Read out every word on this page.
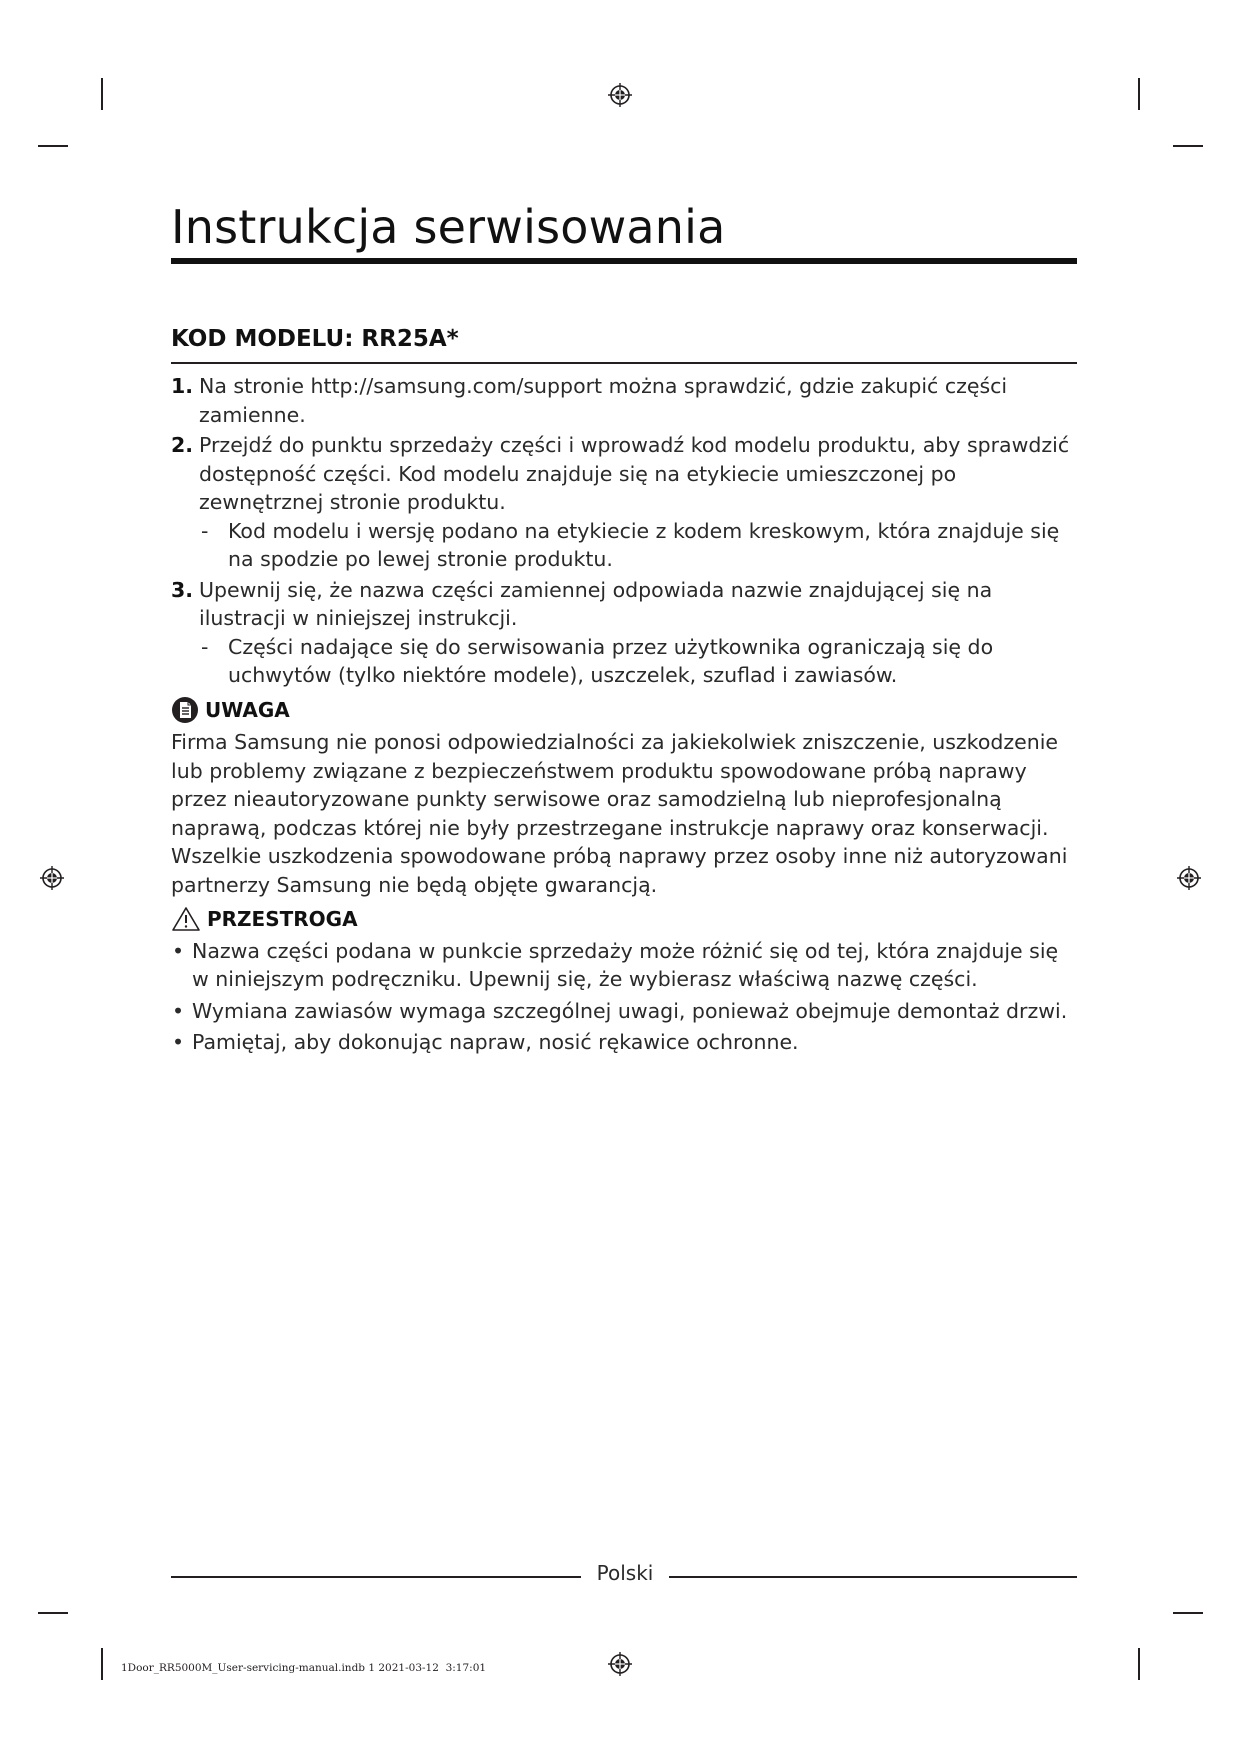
Instrukcja serwisowania
KOD MODELU: RR25A*
1. Na stronie http://samsung.com/support można sprawdzić, gdzie zakupić części zamienne.

2. Przejdź do punktu sprzedaży części i wprowadź kod modelu produktu, aby sprawdzić dostępność części. Kod modelu znajduje się na etykiecie umieszczonej po zewnętrznej stronie produktu.

- Kod modelu i wersję podano na etykiecie z kodem kreskowym, która znajduje się na spodzie po lewej stronie produktu.

3. Upewnij się, że nazwa części zamiennej odpowiada nazwie znajdującej się na ilustracji w niniejszej instrukcji.

- Części nadające się do serwisowania przez użytkownika ograniczają się do uchwytów (tylko niektóre modele), uszczelek, szuflad i zawiasów.

UWAGA

Firma Samsung nie ponosi odpowiedzialności za jakiekolwiek zniszczenie, uszkodzenie lub problemy związane z bezpieczeństwem produktu spowodowane próbą naprawy przez nieautoryzowane punkty serwisowe oraz samodzielną lub nieprofesjonalną naprawą, podczas której nie były przestrzegane instrukcje naprawy oraz konserwacji. Wszelkie uszkodzenia spowodowane próbą naprawy przez osoby inne niż autoryzowani partnerzy Samsung nie będą objęte gwarancją.

PRZESTROGA
• Nazwa części podana w punkcie sprzedaży może różnić się od tej, która znajduje się w niniejszym podręczniku. Upewnij się, że wybierasz właściwą nazwę części.

• Wymiana zawiasów wymaga szczególnej uwagi, ponieważ obejmuje demontaż drzwi.

• Pamiętaj, aby dokonując napraw, nosić rękawice ochronne.

Polski
1Door_RR5000M_User-servicing-manual.indb 1 2021-03-12 ￼￼ 3:17:01
